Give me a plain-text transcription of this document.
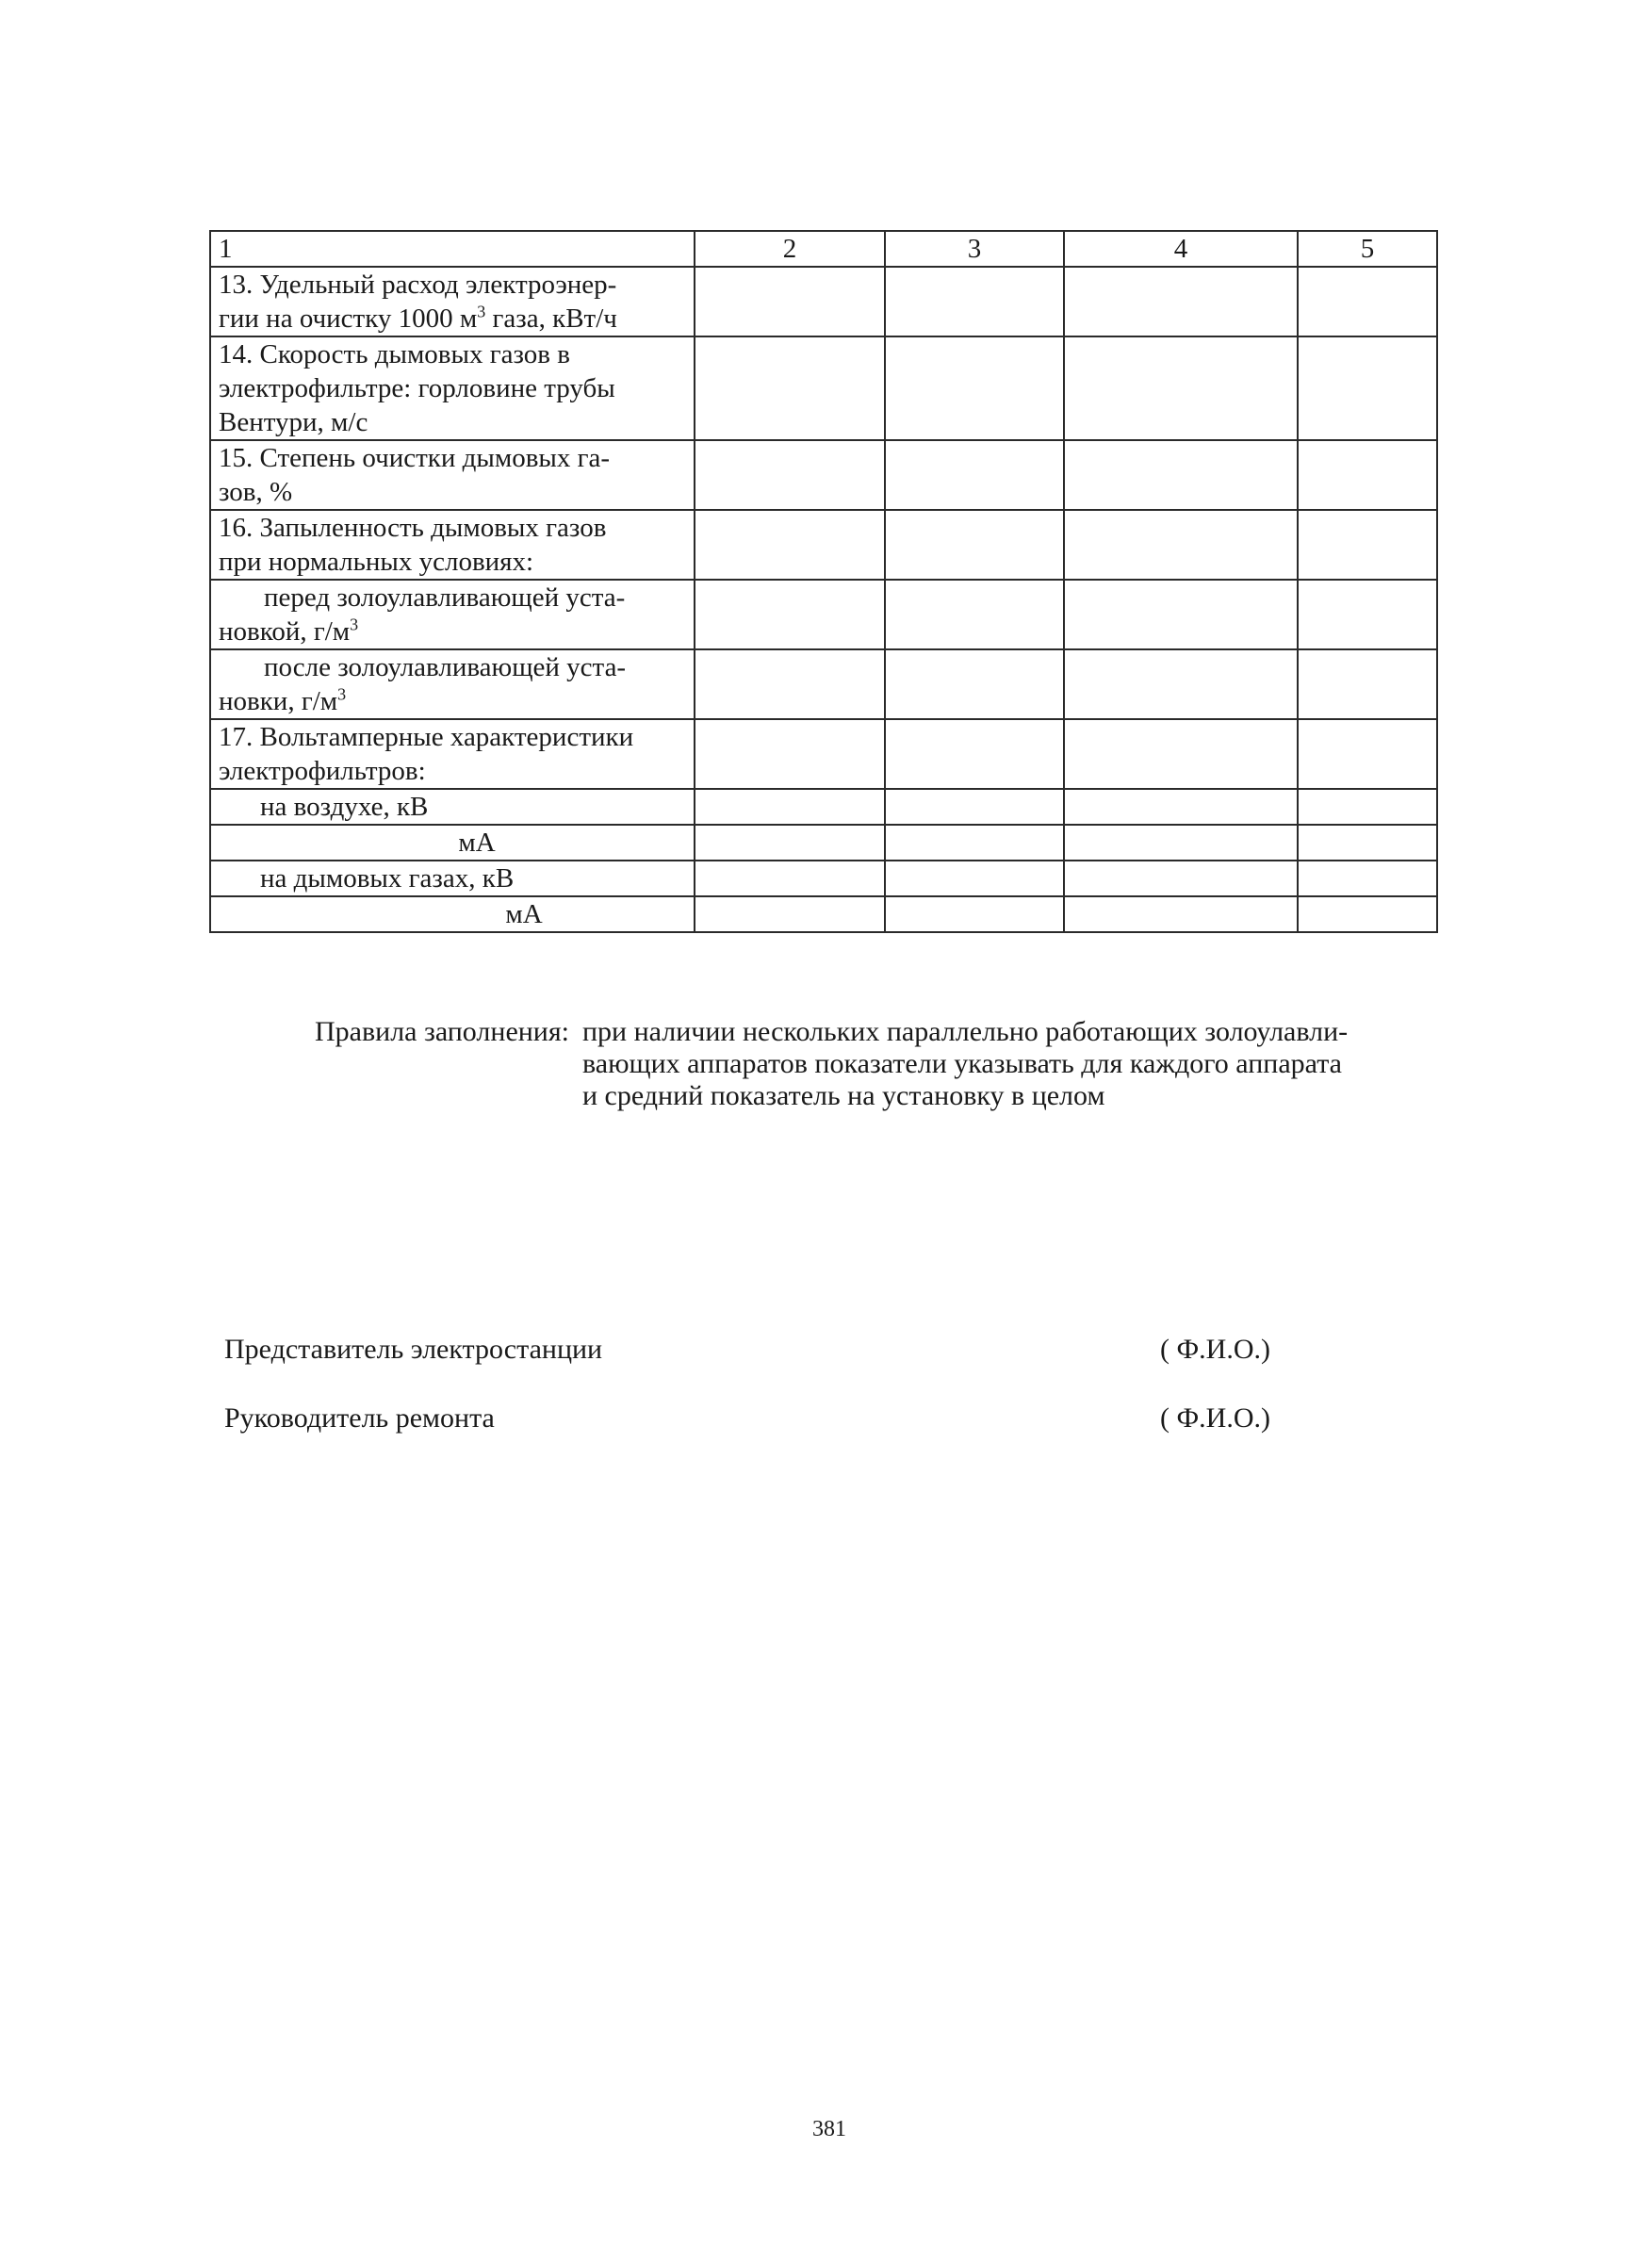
1	2	3	4	5

13. Удельный расход электроэнер-
гии на очистку 1000 $м^3$ газа, кВт/ч				

14. Скорость дымовых газов в
электрофильтре: горловине трубы
Вентури, м/с				

15. Степень очистки дымовых га-
зов, %				

16. Запыленность дымовых газов
при нормальных условиях:				

перед золоулавливающей уста-
новкой, $г/м^3$

после золоулавливающей уста-
новки, $г/м^3$

17. Вольтамперные характеристики
электрофильтров:				

на воздухе, кВ				
мА				
на дымовых газах, кВ				
мА				
Правила заполнения: при наличии нескольких параллельно работающих золоулавли-
вающих аппаратов показатели указывать для каждого аппарата
и средний показатель на установку в целом
Представитель электростанции	( Ф.И.О.)
Руководитель ремонта	( Ф.И.О.)
381
